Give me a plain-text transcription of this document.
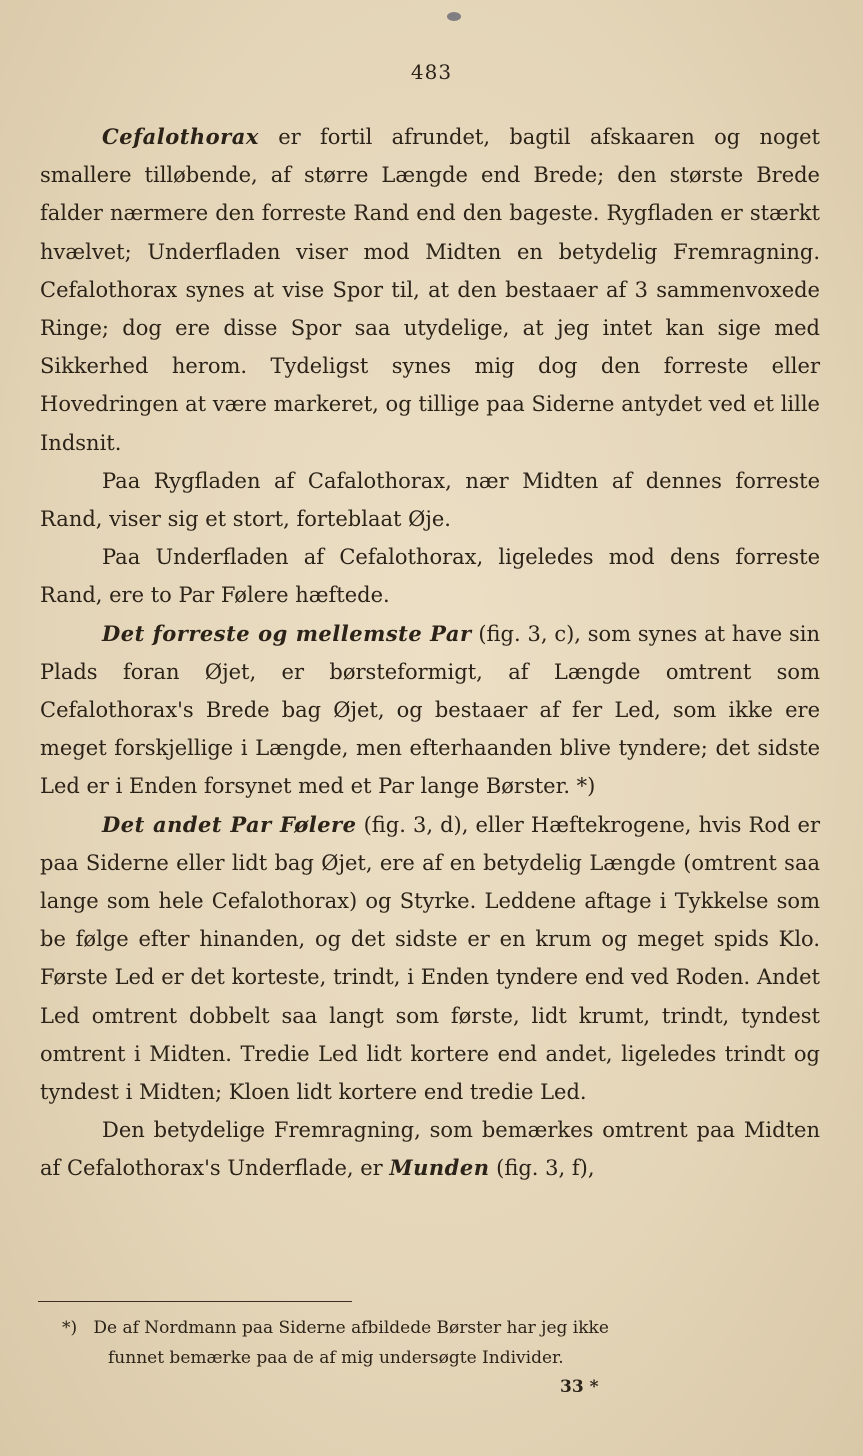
483

Cefalothorax er fortil afrundet, bagtil afskaaren og noget smallere tilløbende, af større Længde end Brede; den største Brede falder nærmere den forreste Rand end den bageste. Rygfladen er stærkt hvælvet; Underfladen viser mod Midten en betydelig Fremragning. Cefalothorax synes at vise Spor til, at den bestaaer af 3 sammenvoxede Ringe; dog ere disse Spor saa utydelige, at jeg intet kan sige med Sikkerhed herom. Tydeligst synes mig dog den forreste eller Hovedringen at være markeret, og tillige paa Siderne antydet ved et lille Indsnit.

Paa Rygfladen af Cafalothorax, nær Midten af dennes forreste Rand, viser sig et stort, forteblaat Øje.

Paa Underfladen af Cefalothorax, ligeledes mod dens forreste Rand, ere to Par Følere hæftede.

Det forreste og mellemste Par (fig. 3, c), som synes at have sin Plads foran Øjet, er børsteformigt, af Længde omtrent som Cefalothorax's Brede bag Øjet, og bestaaer af fer Led, som ikke ere meget forskjellige i Længde, men efterhaanden blive tyndere; det sidste Led er i Enden forsynet med et Par lange Børster. *)

Det andet Par Følere (fig. 3, d), eller Hæftekrogene, hvis Rod er paa Siderne eller lidt bag Øjet, ere af en betydelig Længde (omtrent saa lange som hele Cefalothorax) og Styrke. Leddene aftage i Tykkelse som be følge efter hinanden, og det sidste er en krum og meget spids Klo. Første Led er det korteste, trindt, i Enden tyndere end ved Roden. Andet Led omtrent dobbelt saa langt som første, lidt krumt, trindt, tyndest omtrent i Midten. Tredie Led lidt kortere end andet, ligeledes trindt og tyndest i Midten; Kloen lidt kortere end tredie Led.

Den betydelige Fremragning, som bemærkes omtrent paa Midten af Cefalothorax's Underflade, er Munden (fig. 3, f),

*) De af Nordmann paa Siderne afbildede Børster har jeg ikke
funnet bemærke paa de af mig undersøgte Individer.
33 *
